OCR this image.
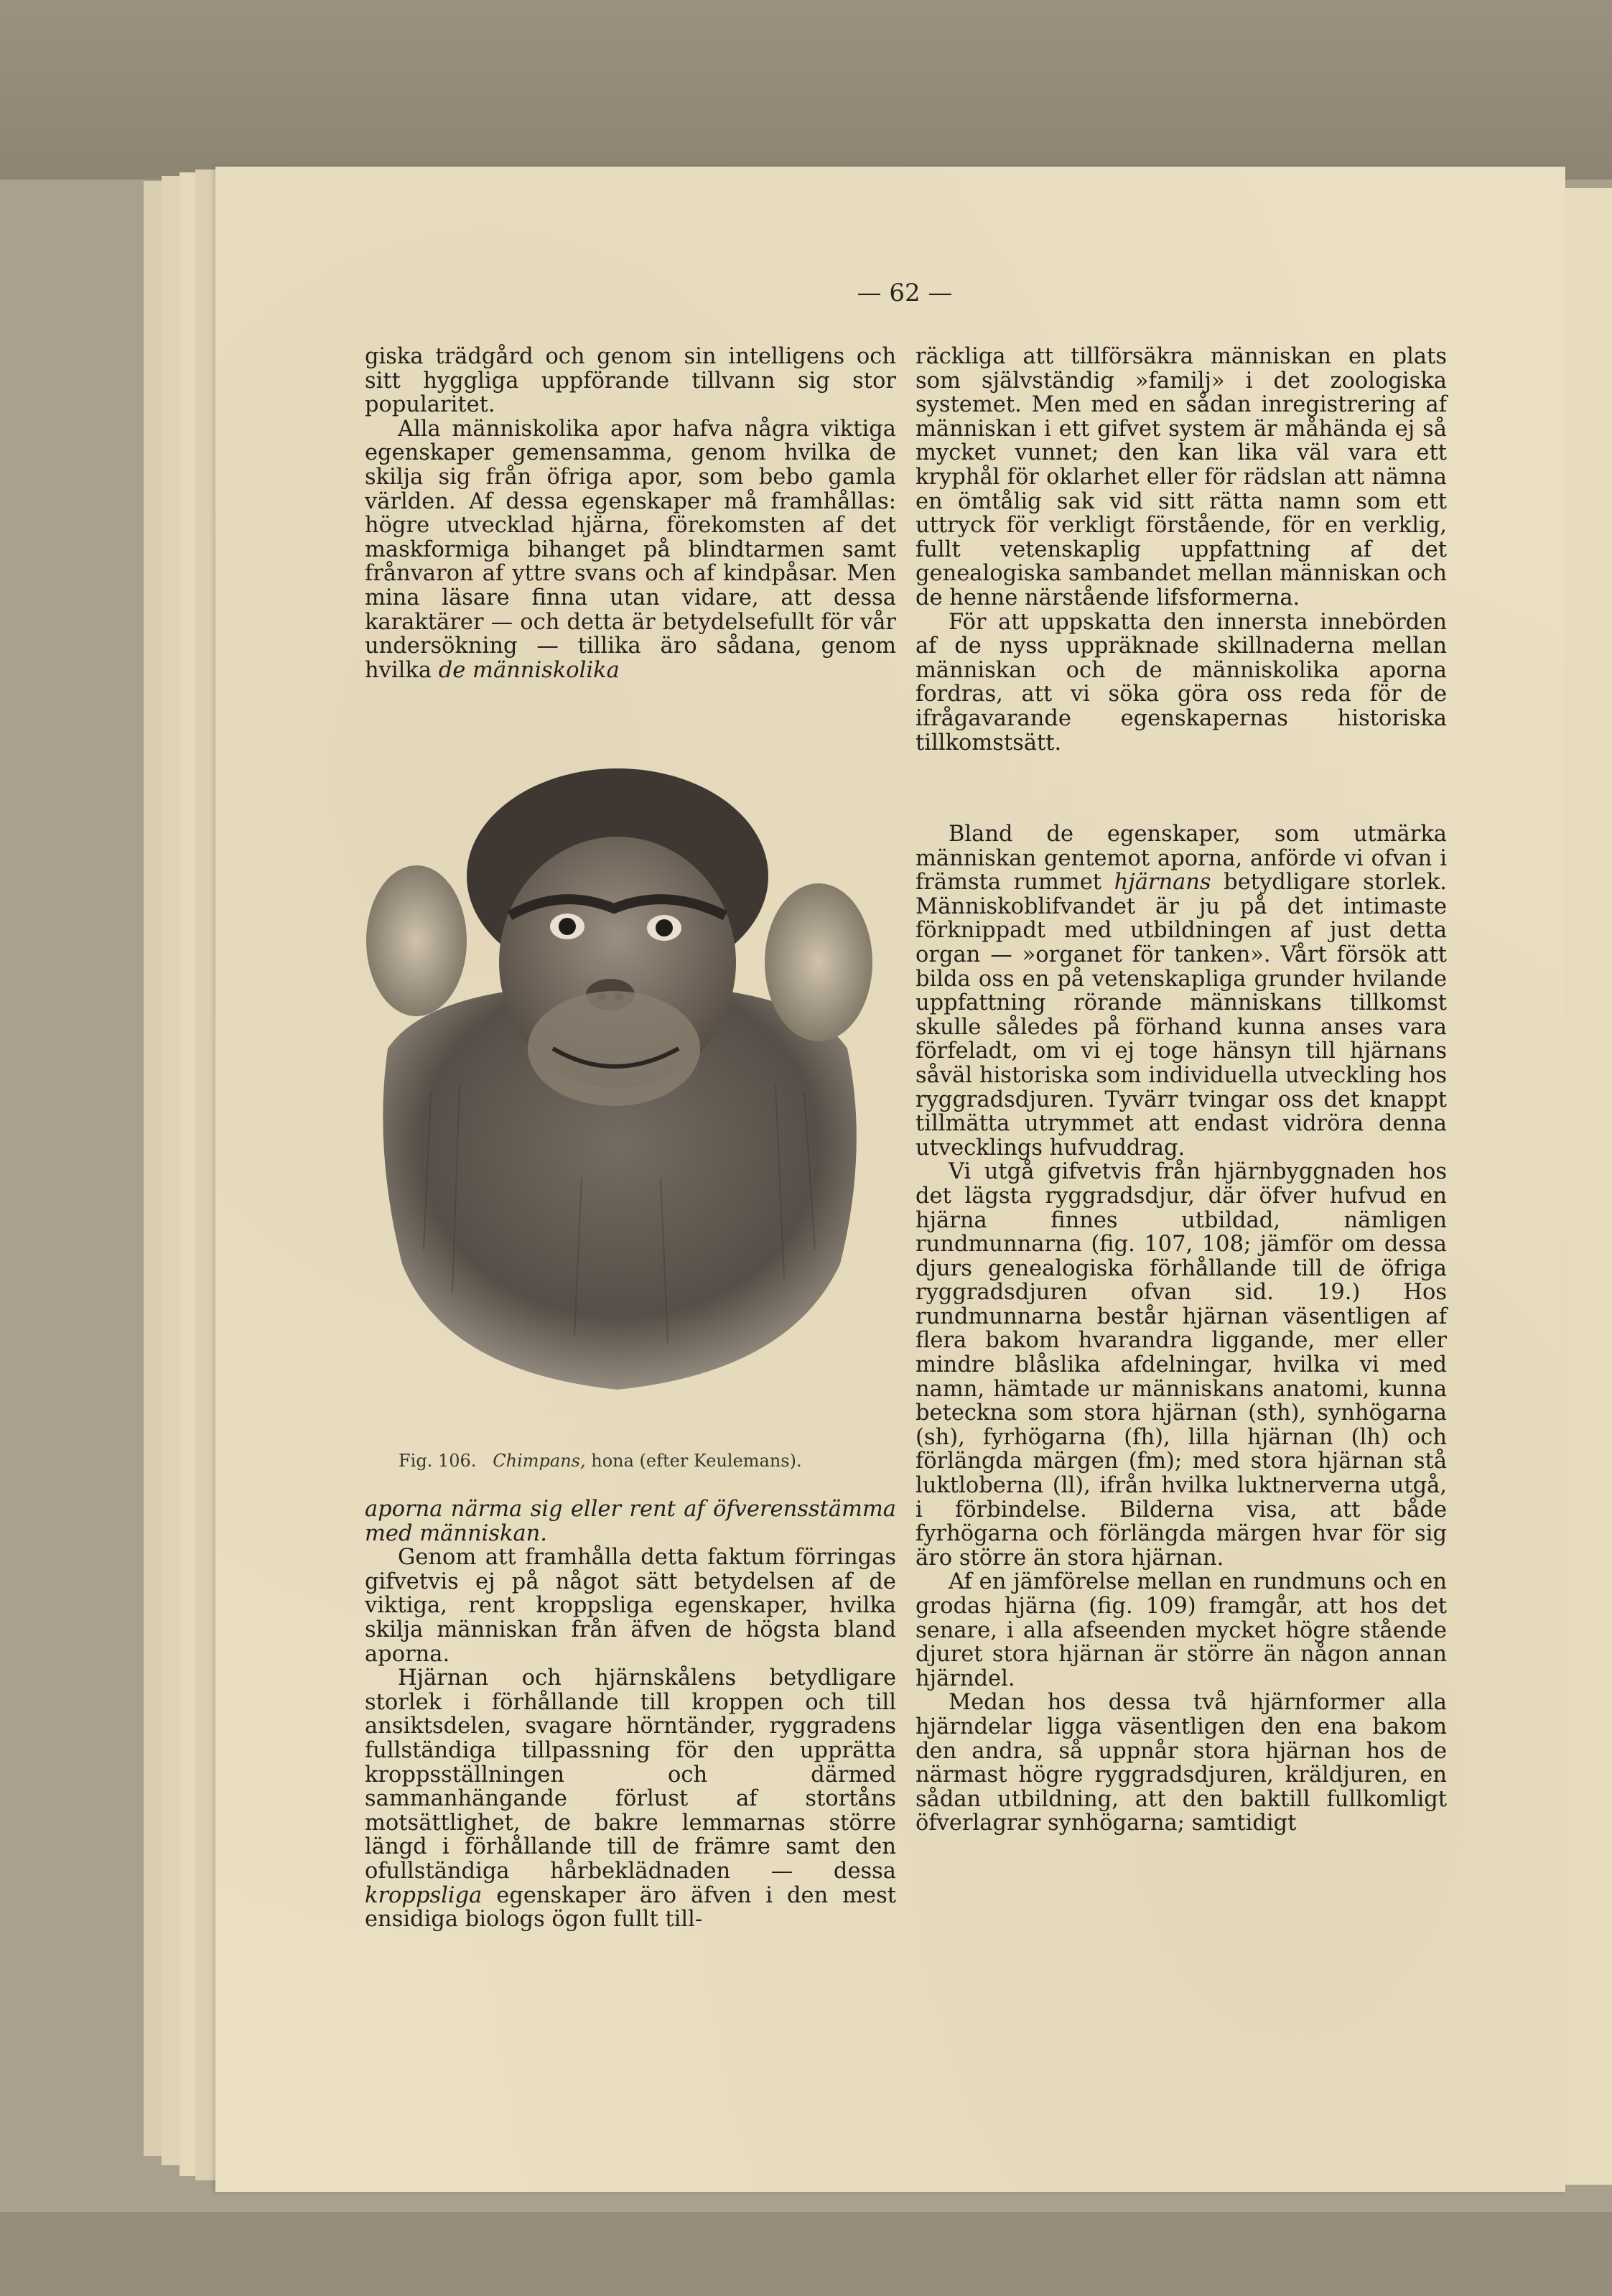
— 62 —

giska trädgård och genom sin intelligens och sitt hyggliga uppförande tillvann sig stor popularitet.

Alla människolika apor hafva några viktiga egenskaper gemensamma, genom hvilka de skilja sig från öfriga apor, som bebo gamla världen. Af dessa egenskaper må framhållas: högre utvecklad hjärna, förekomsten af det maskformiga bihanget på blindtarmen samt frånvaron af yttre svans och af kindpåsar. Men mina läsare finna utan vidare, att dessa karaktärer — och detta är betydelsefullt för vår undersökning — tillika äro sådana, genom hvilka de människolika

Fig. 106. Chimpans, hona (efter Keulemans).

aporna närma sig eller rent af öfverensstämma med människan.

Genom att framhålla detta faktum förringas gifvetvis ej på något sätt betydelsen af de viktiga, rent kroppsliga egenskaper, hvilka skilja människan från äfven de högsta bland aporna.

Hjärnan och hjärnskålens betydligare storlek i förhållande till kroppen och till ansiktsdelen, svagare hörntänder, ryggradens fullständiga tillpassning för den upprätta kroppsställningen och därmed sammanhängande förlust af stortåns motsättlighet, de bakre lemmarnas större längd i förhållande till de främre samt den ofullständiga hårbeklädnaden — dessa kroppsliga egenskaper äro äfven i den mest ensidiga biologs ögon fullt till-

räckliga att tillförsäkra människan en plats som självständig »familj» i det zoologiska systemet. Men med en sådan inregistrering af människan i ett gifvet system är måhända ej så mycket vunnet; den kan lika väl vara ett kryphål för oklarhet eller för rädslan att nämna en ömtålig sak vid sitt rätta namn som ett uttryck för verkligt förstående, för en verklig, fullt vetenskaplig uppfattning af det genealogiska sambandet mellan människan och de henne närstående lifsformerna.

För att uppskatta den innersta innebörden af de nyss uppräknade skillnaderna mellan människan och de människolika aporna fordras, att vi söka göra oss reda för de ifrågavarande egenskapernas historiska tillkomstsätt.

Bland de egenskaper, som utmärka människan gentemot aporna, anförde vi ofvan i främsta rummet hjärnans betydligare storlek. Människoblifvandet är ju på det intimaste förknippadt med utbildningen af just detta organ — »organet för tanken». Vårt försök att bilda oss en på vetenskapliga grunder hvilande uppfattning rörande människans tillkomst skulle således på förhand kunna anses vara förfeladt, om vi ej toge hänsyn till hjärnans såväl historiska som individuella utveckling hos ryggradsdjuren. Tyvärr tvingar oss det knappt tillmätta utrymmet att endast vidröra denna utvecklings hufvuddrag.

Vi utgå gifvetvis från hjärnbyggnaden hos det lägsta ryggradsdjur, där öfver hufvud en hjärna finnes utbildad, nämligen rundmunnarna (fig. 107, 108; jämför om dessa djurs genealogiska förhållande till de öfriga ryggradsdjuren ofvan sid. 19.) Hos rundmunnarna består hjärnan väsentligen af flera bakom hvarandra liggande, mer eller mindre blåslika afdelningar, hvilka vi med namn, hämtade ur människans anatomi, kunna beteckna som stora hjärnan (sth), synhögarna (sh), fyrhögarna (fh), lilla hjärnan (lh) och förlängda märgen (fm); med stora hjärnan stå luktloberna (ll), ifrån hvilka luktnerverna utgå, i förbindelse. Bilderna visa, att både fyrhögarna och förlängda märgen hvar för sig äro större än stora hjärnan.

Af en jämförelse mellan en rundmuns och en grodas hjärna (fig. 109) framgår, att hos det senare, i alla afseenden mycket högre stående djuret stora hjärnan är större än någon annan hjärndel.

Medan hos dessa två hjärnformer alla hjärndelar ligga väsentligen den ena bakom den andra, så uppnår stora hjärnan hos de närmast högre ryggradsdjuren, kräldjuren, en sådan utbildning, att den baktill fullkomligt öfverlagrar synhögarna; samtidigt
